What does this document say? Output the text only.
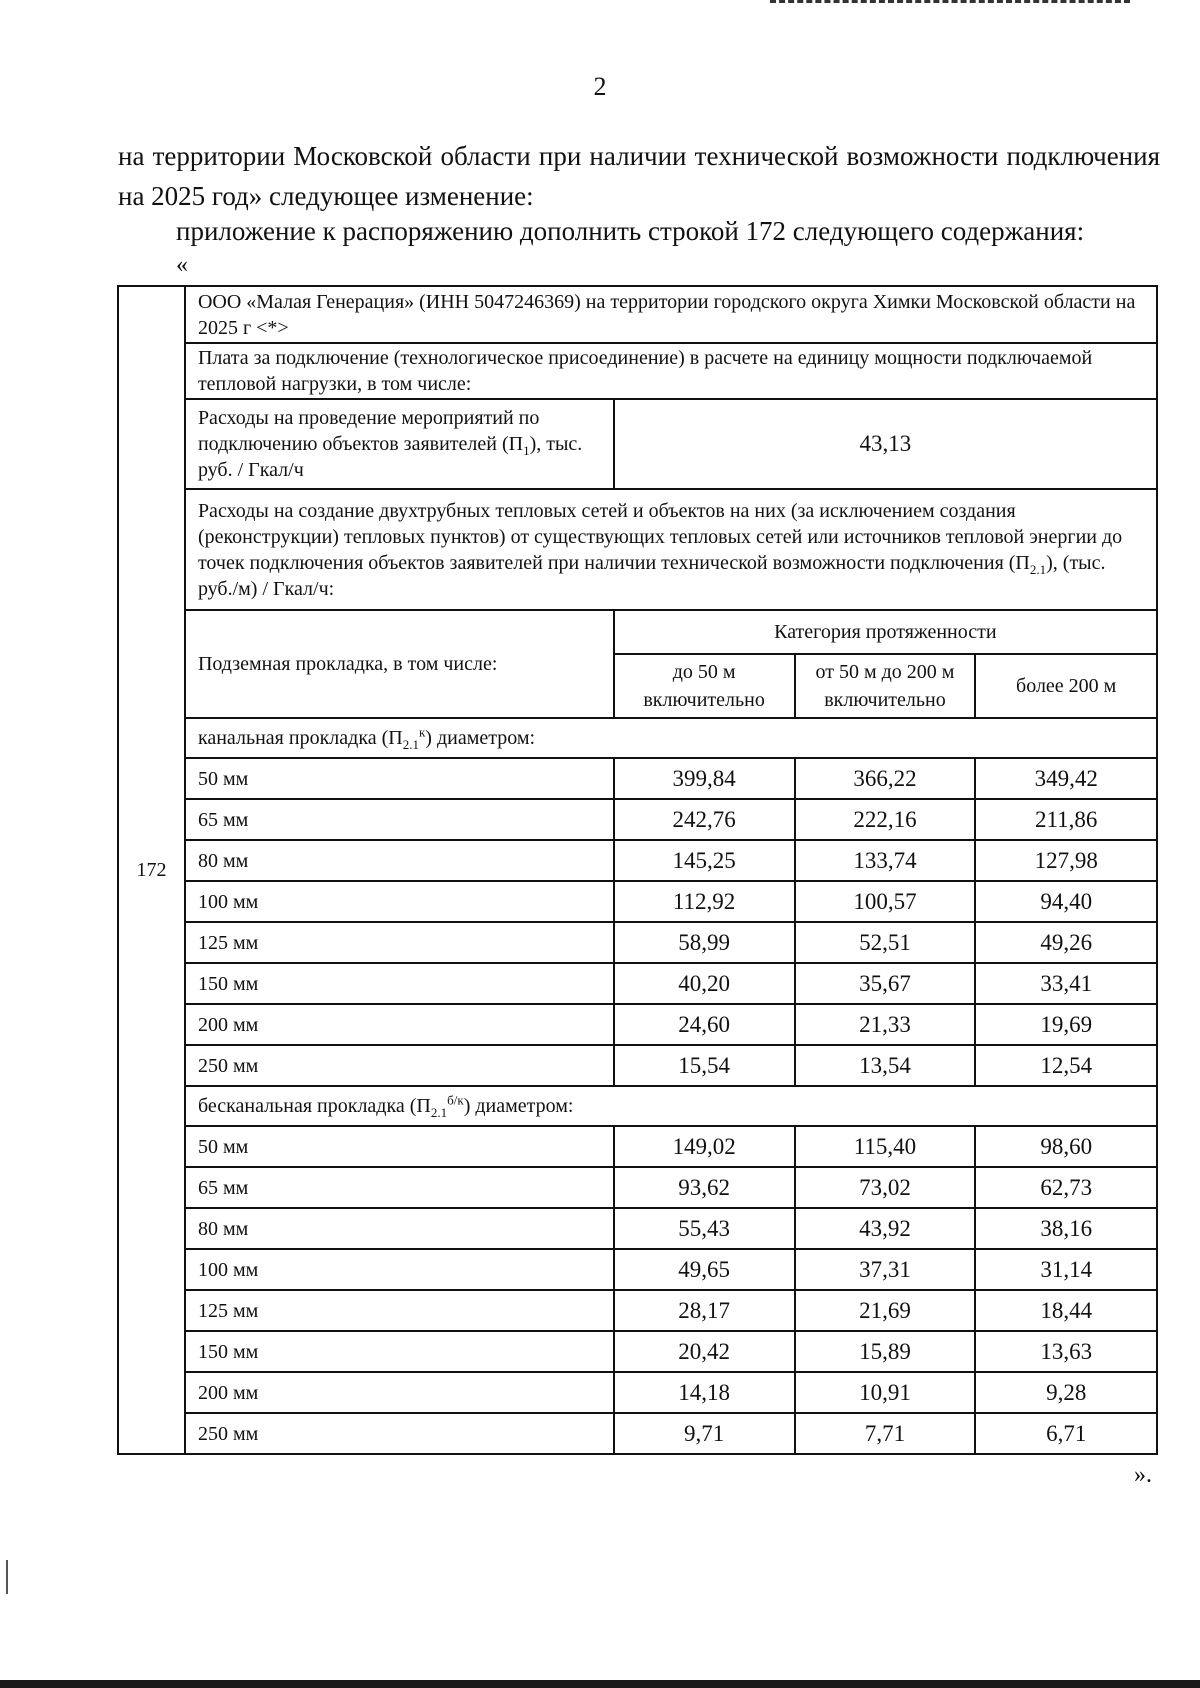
2

на территории Московской области при наличии технической возможности подключения на 2025 год» следующее изменение:

приложение к распоряжению дополнить строкой 172 следующего содержания:
«
172	ООО «Малая Генерация» (ИНН 5047246369) на территории городского округа Химки Московской области на 2025 г <*>			
	Плата за подключение (технологическое присоединение) в расчете на единицу мощности подключаемой тепловой нагрузки, в том числе:			
	Расходы на проведение мероприятий по подключению объектов заявителей $(П_1)$, тыс. руб. / Гкал/ч	43,13		
	Расходы на создание двухтрубных тепловых сетей и объектов на них (за исключением создания (реконструкции) тепловых пунктов) от существующих тепловых сетей или источников тепловой энергии до точек подключения объектов заявителей при наличии технической возможности подключения $(П_{2.1})$, (тыс. руб./м) / Гкал/ч:			
	Подземная прокладка, в том числе:	Категория протяженности		
		до 50 м включительно	от 50 м до 200 м включительно	более 200 м
	канальная прокладка $(П_{2.1}^к)$ диаметром:			
	50 мм	399,84	366,22	349,42
	65 мм	242,76	222,16	211,86
	80 мм	145,25	133,74	127,98
	100 мм	112,92	100,57	94,40
	125 мм	58,99	52,51	49,26
	150 мм	40,20	35,67	33,41
	200 мм	24,60	21,33	19,69
	250 мм	15,54	13,54	12,54
	бесканальная прокладка $(П_{2.1}^{б/к})$ диаметром:			
	50 мм	149,02	115,40	98,60
	65 мм	93,62	73,02	62,73
	80 мм	55,43	43,92	38,16
	100 мм	49,65	37,31	31,14
	125 мм	28,17	21,69	18,44
	150 мм	20,42	15,89	13,63
	200 мм	14,18	10,91	9,28
	250 мм	9,71	7,71	6,71
».
